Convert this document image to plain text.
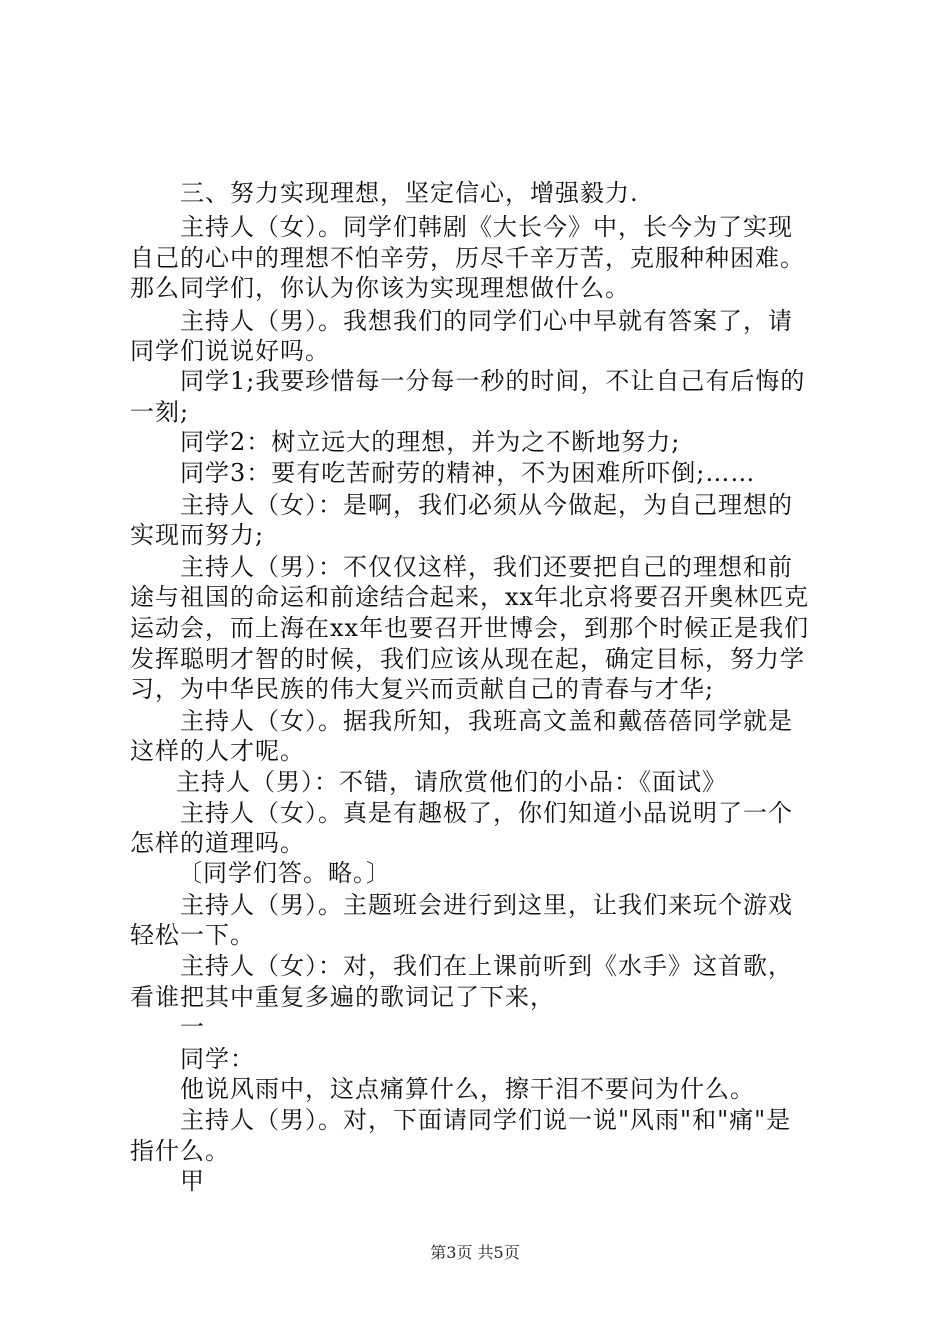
三、努力实现理想，坚定信心，增强毅力.
主持人（女）。同学们韩剧《大长今》中，长今为了实现
自己的心中的理想不怕辛劳，历尽千辛万苦，克服种种困难。
那么同学们，你认为你该为实现理想做什么。
主持人（男）。我想我们的同学们心中早就有答案了，请
同学们说说好吗。
同学1;我要珍惜每一分每一秒的时间，不让自己有后悔的
一刻;
同学2：树立远大的理想，并为之不断地努力;
同学3：要有吃苦耐劳的精神，不为困难所吓倒;……
主持人（女）：是啊，我们必须从今做起，为自己理想的
实现而努力;
主持人（男）：不仅仅这样，我们还要把自己的理想和前
途与祖国的命运和前途结合起来，xx年北京将要召开奥林匹克
运动会，而上海在xx年也要召开世博会，到那个时候正是我们
发挥聪明才智的时候，我们应该从现在起，确定目标，努力学
习，为中华民族的伟大复兴而贡献自己的青春与才华;
主持人（女）。据我所知，我班高文盖和戴蓓蓓同学就是
这样的人才呢。
主持人（男）：不错，请欣赏他们的小品：《面试》
主持人（女）。真是有趣极了，你们知道小品说明了一个
怎样的道理吗。
〔同学们答。略。〕
主持人（男）。主题班会进行到这里，让我们来玩个游戏
轻松一下。
主持人（女）：对，我们在上课前听到《水手》这首歌，
看谁把其中重复多遍的歌词记了下来，
一
同学：
他说风雨中，这点痛算什么，擦干泪不要问为什么。
主持人（男）。对，下面请同学们说一说"风雨"和"痛"是
指什么。
甲
第3页 共5页
